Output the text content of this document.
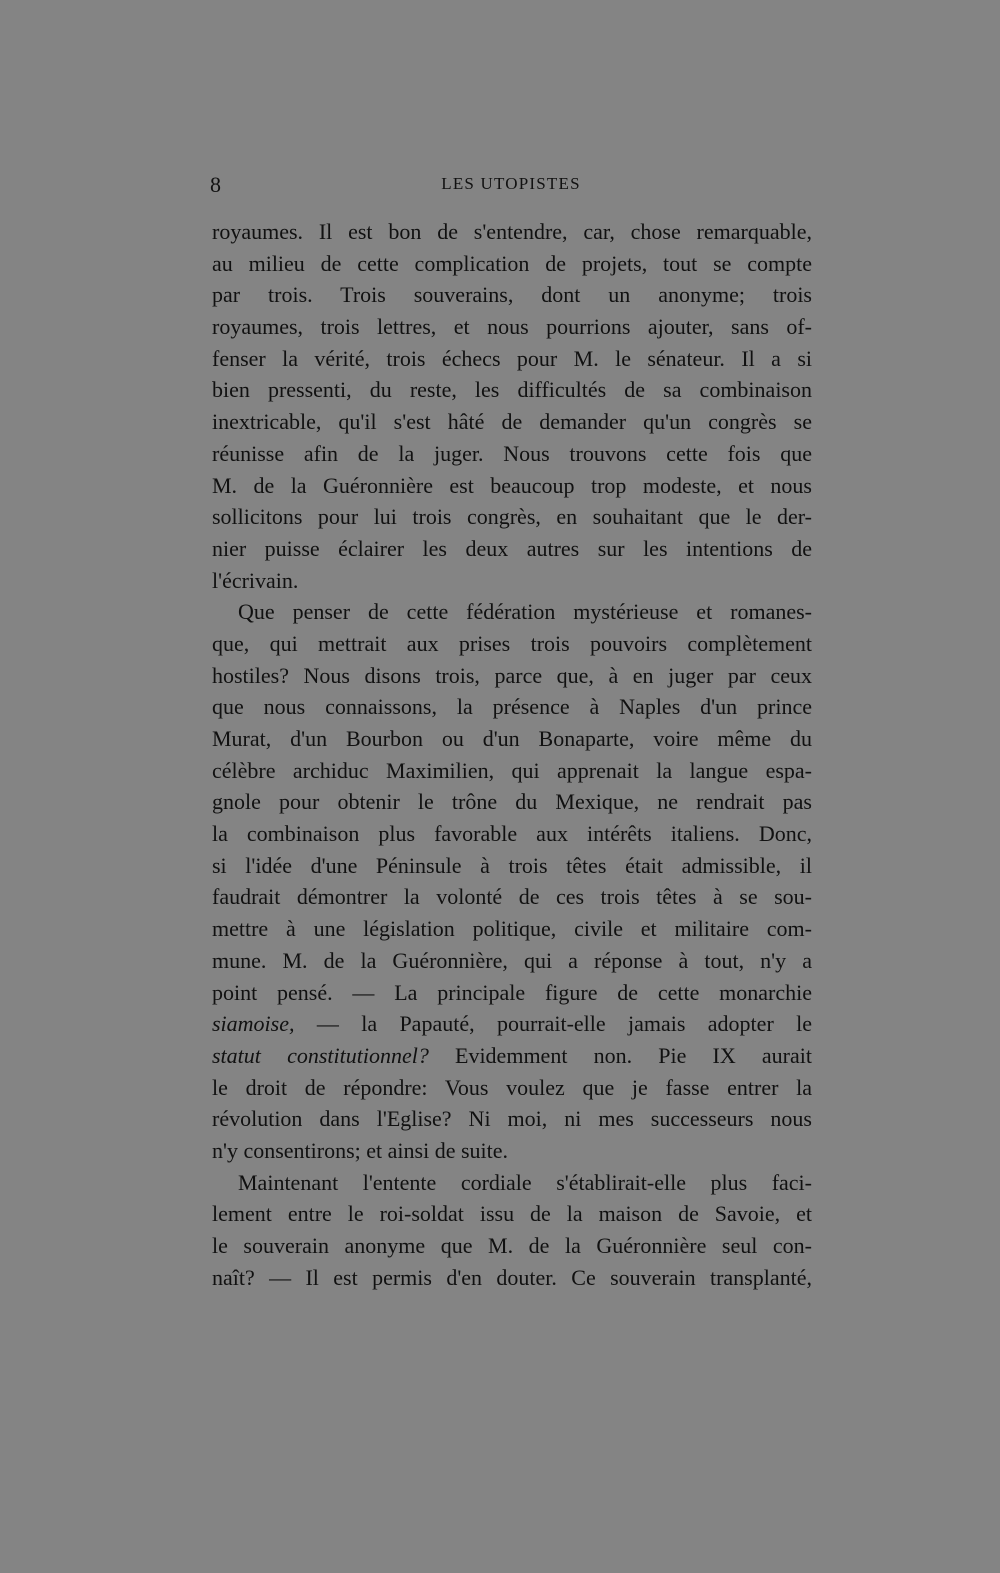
8	LES UTOPISTES
royaumes. Il est bon de s'entendre, car, chose remarquable,
au milieu de cette complication de projets, tout se compte
par trois. Trois souverains, dont un anonyme; trois
royaumes, trois lettres, et nous pourrions ajouter, sans of-
fenser la vérité, trois échecs pour M. le sénateur. Il a si
bien pressenti, du reste, les difficultés de sa combinaison
inextricable, qu'il s'est hâté de demander qu'un congrès se
réunisse afin de la juger. Nous trouvons cette fois que
M. de la Guéronnière est beaucoup trop modeste, et nous
sollicitons pour lui trois congrès, en souhaitant que le der-
nier puisse éclairer les deux autres sur les intentions de
l'écrivain.
Que penser de cette fédération mystérieuse et romanes-
que, qui mettrait aux prises trois pouvoirs complètement
hostiles? Nous disons trois, parce que, à en juger par ceux
que nous connaissons, la présence à Naples d'un prince
Murat, d'un Bourbon ou d'un Bonaparte, voire même du
célèbre archiduc Maximilien, qui apprenait la langue espa-
gnole pour obtenir le trône du Mexique, ne rendrait pas
la combinaison plus favorable aux intérêts italiens. Donc,
si l'idée d'une Péninsule à trois têtes était admissible, il
faudrait démontrer la volonté de ces trois têtes à se sou-
mettre à une législation politique, civile et militaire com-
mune. M. de la Guéronnière, qui a réponse à tout, n'y a
point pensé. — La principale figure de cette monarchie
siamoise, — la Papauté, pourrait-elle jamais adopter le
statut constitutionnel? Evidemment non. Pie IX aurait
le droit de répondre: Vous voulez que je fasse entrer la
révolution dans l'Eglise? Ni moi, ni mes successeurs nous
n'y consentirons; et ainsi de suite.
Maintenant l'entente cordiale s'établirait-elle plus faci-
lement entre le roi-soldat issu de la maison de Savoie, et
le souverain anonyme que M. de la Guéronnière seul con-
naît? — Il est permis d'en douter. Ce souverain transplanté,
